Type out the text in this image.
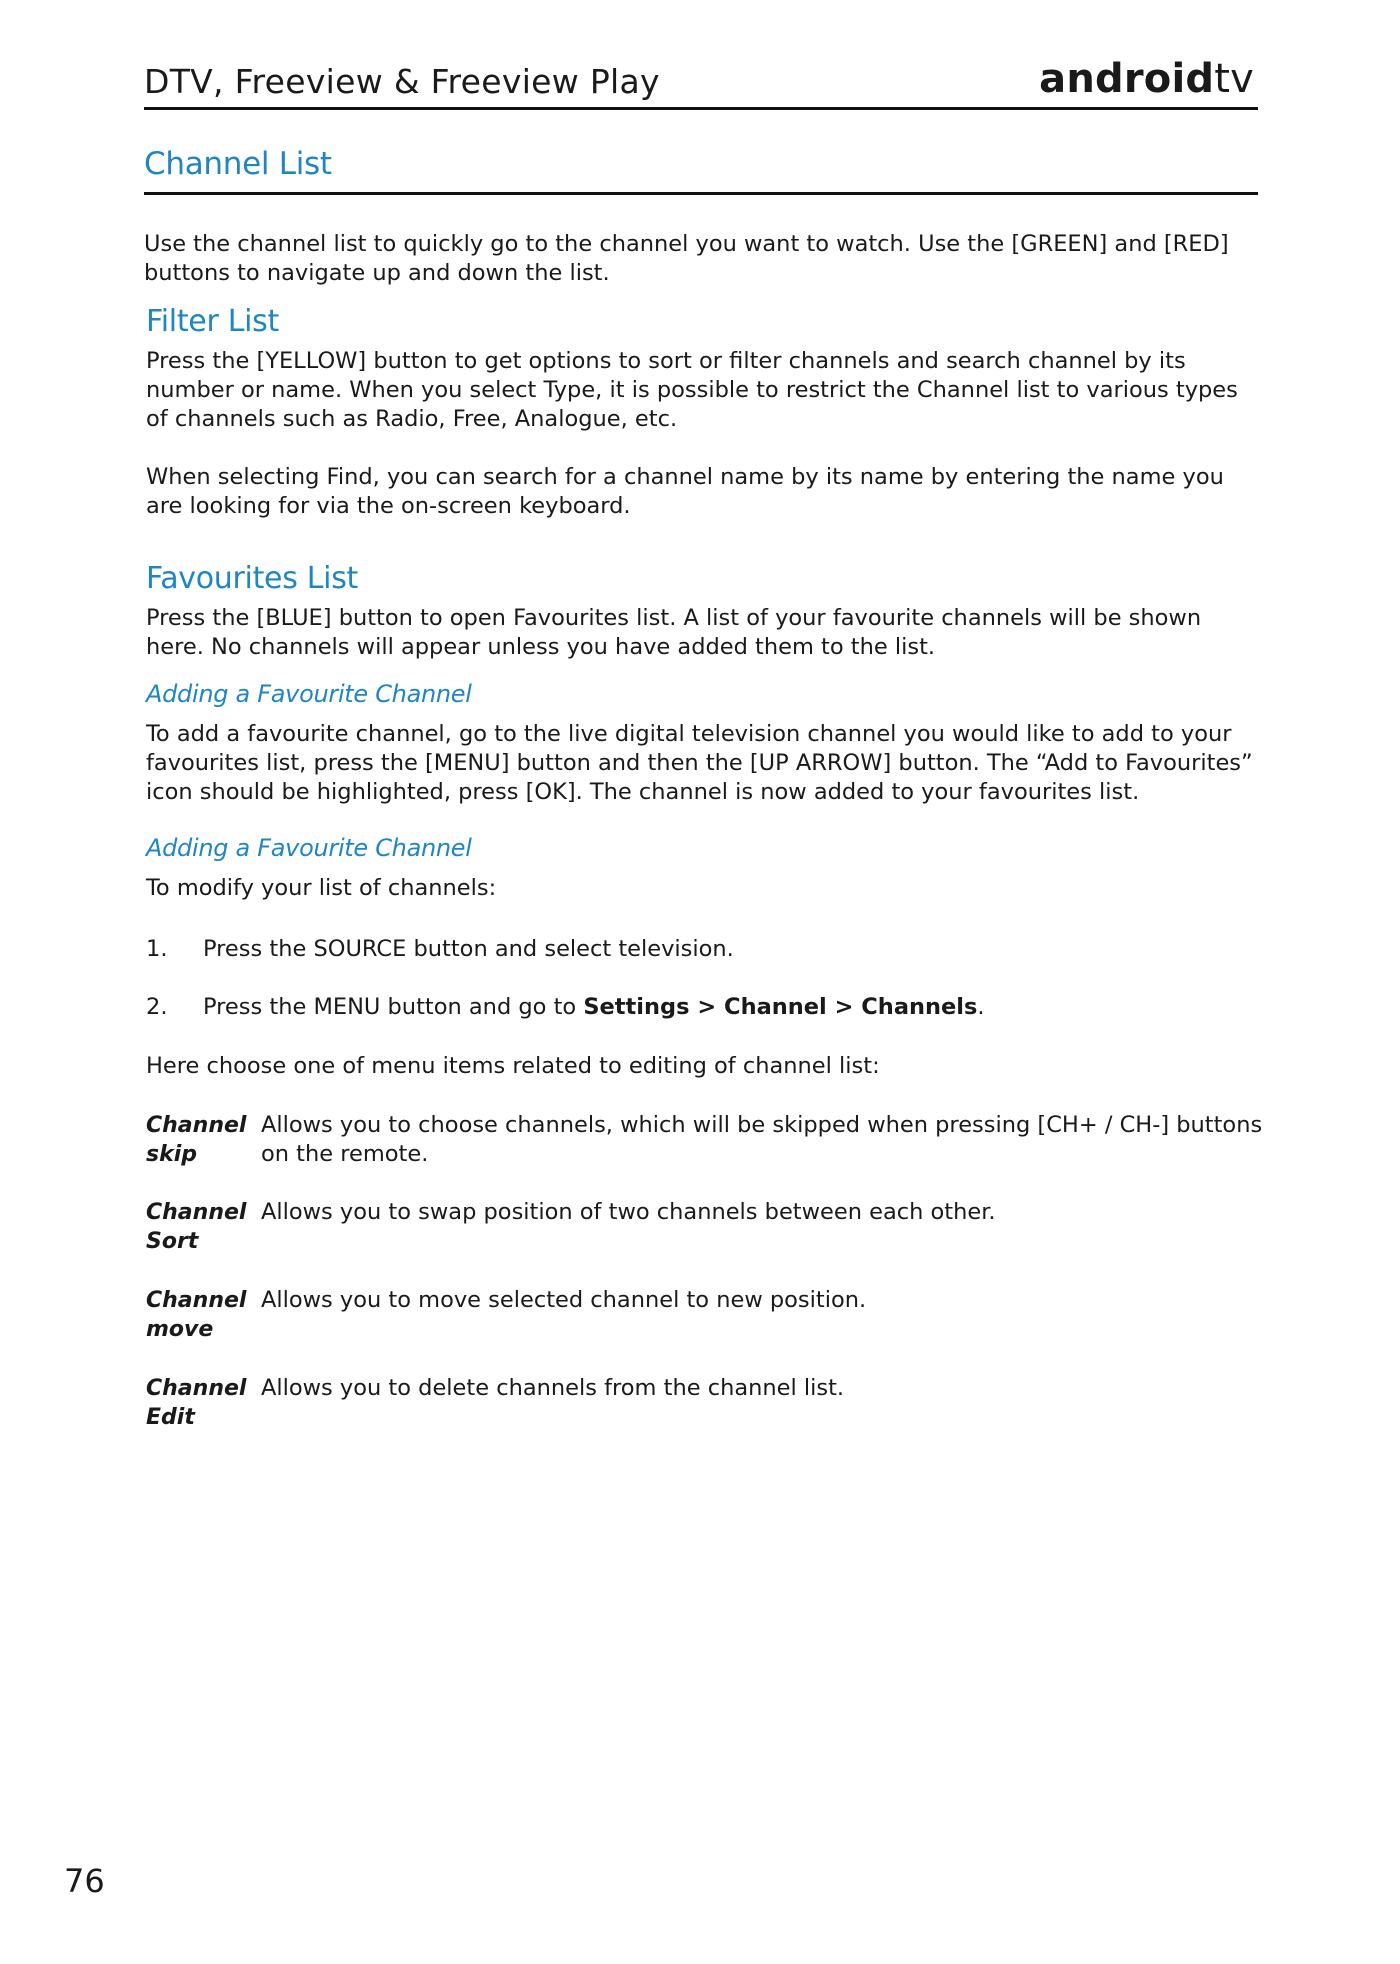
DTV, Freeview & Freeview Play	androidtv
Channel List

Use the channel list to quickly go to the channel you want to watch. Use the [GREEN] and [RED] buttons to navigate up and down the list.

Filter List

Press the [YELLOW] button to get options to sort or filter channels and search channel by its number or name. When you select Type, it is possible to restrict the Channel list to various types of channels such as Radio, Free, Analogue, etc.

When selecting Find, you can search for a channel name by its name by entering the name you are looking for via the on-screen keyboard.

Favourites List

Press the [BLUE] button to open Favourites list. A list of your favourite channels will be shown here. No channels will appear unless you have added them to the list.

Adding a Favourite Channel

To add a favourite channel, go to the live digital television channel you would like to add to your favourites list, press the [MENU] button and then the [UP ARROW] button. The “Add to Favourites” icon should be highlighted, press [OK]. The channel is now added to your favourites list.

Adding a Favourite Channel

To modify your list of channels:

1. Press the SOURCE button and select television.
2. Press the MENU button and go to Settings > Channel > Channels.

Here choose one of menu items related to editing of channel list:

Channel
skip
Allows you to choose channels, which will be skipped when pressing [CH+ / CH-] buttons on the remote.
Channel
Sort
Allows you to swap position of two channels between each other.
Channel
move
Allows you to move selected channel to new position.
Channel
Edit
Allows you to delete channels from the channel list.
76
